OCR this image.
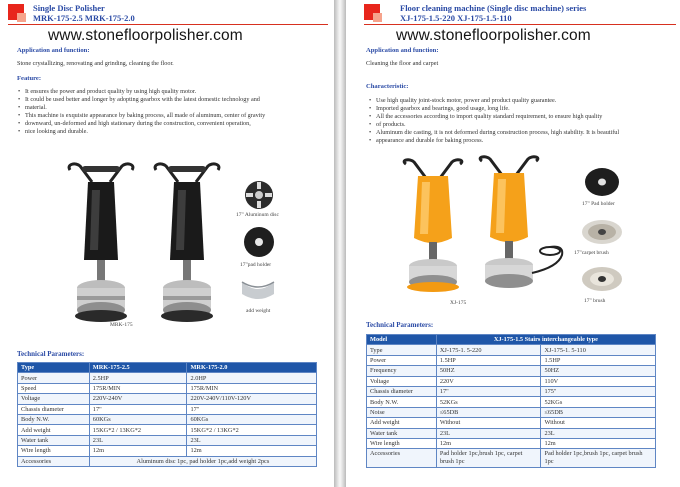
Single Disc Polisher
MRK-175-2.5 MRK-175-2.0
www.stonefloorpolisher.com
Application and function:
Stone crystallizing, renovating and grinding, cleaning the floor.
Feature:
• It ensures the power and product quality by using high quality motor.
• It could be used better and longer by adopting gearbox with the latest domestic technology and
• material.
• This machine is exquisite appearance by baking process, all made of aluminum, center of gravity
• downward, un-deformed and high stationary during the construction, convenient operation,
• nice looking and durable.
MRK-175
17" Aluminum disc
17"pad holder
add weight
Technical Parameters:
Type	MRK-175-2.5	MRK-175-2.0
Power	2.5HP	2.0HP
Speed	175R/MIN	175R/MIN
Voltage	220V-240V	220V-240V/110V-120V
Chassis diameter	17"	17"
Body N.W.	60KGs	60KGs
Add weight	15KG*2 / 13KG*2	15KG*2 / 13KG*2
Water tank	23L	23L
Wire length	12m	12m
Accessories	Aluminum disc 1pc, pad holder 1pc,add weight 2pcs	
Floor cleaning machine (Single disc machine) series
XJ-175-1.5-220 XJ-175-1.5-110
www.stonefloorpolisher.com
Application and function:
Cleaning the floor and carpet
Characteristic:
• Use high quality joint-stock motor, power and product quality guarantee.
• Imported gearbox and bearings, good usage, long life.
• All the accessories according to import quality standard requirement, to ensure high quality
• of products.
• Aluminum die casting, it is not deformed during construction process, high stability. It is beautiful
• appearance and durable for baking process.
XJ-175
17" Pad holder
17"carpet brush
17" brush
Technical Parameters:
Model	XJ-175-1.5 Stairs interchangeable type	
Type	XJ-175-1. 5-220	XJ-175-1. 5-110
Power	1.5HP	1.5HP
Frequency	50HZ	50HZ
Voltage	220V	110V
Chassis diameter	17"	175"
Body N.W.	52KGs	52KGs
Noise	≤65DB	≤65DB
Add weight	Without	Without
Water tank	23L	23L
Wire length	12m	12m
Accessories	Pad holder 1pc,brush 1pc, carpet brush 1pc	Pad holder 1pc,brush 1pc, carpet brush 1pc
